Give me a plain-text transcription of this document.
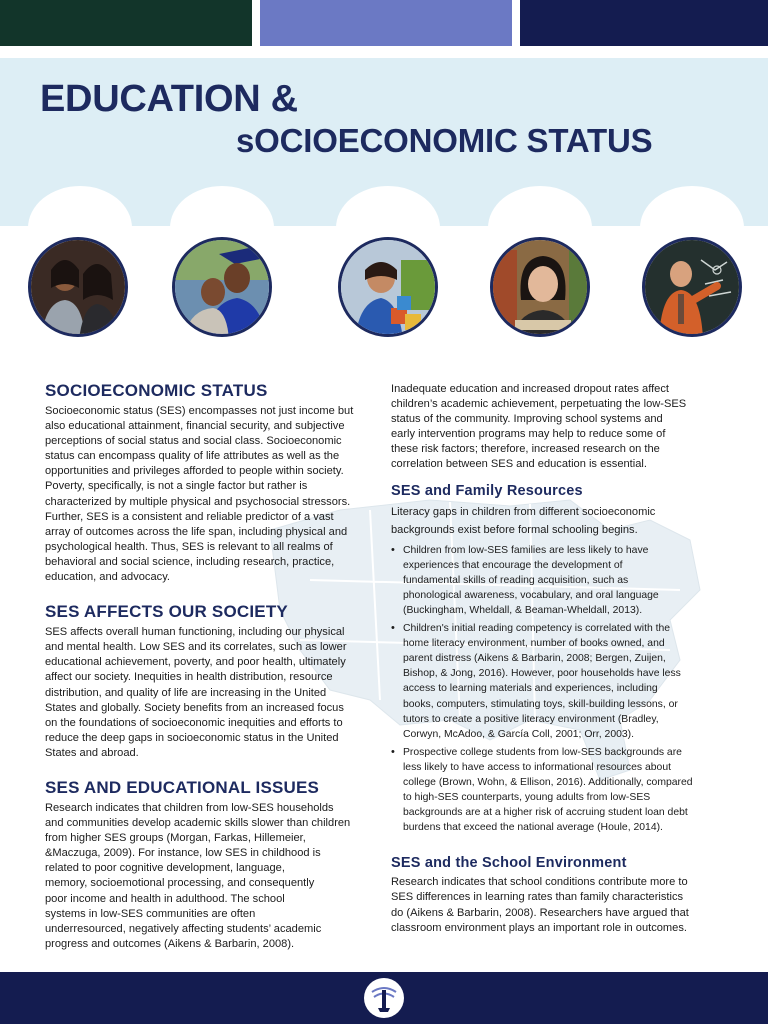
EDUCATION &
sOCIOECONOMIC STATUS
SOCIOECONOMIC STATUS

Socioeconomic status (SES) encompasses not just income but
also educational attainment, financial security, and subjective
perceptions of social status and social class. Socioeconomic
status can encompass quality of life attributes as well as the
opportunities and privileges afforded to people within society.
Poverty, specifically, is not a single factor but rather is
characterized by multiple physical and psychosocial stressors.
Further, SES is a consistent and reliable predictor of a vast
array of outcomes across the life span, including physical and
psychological health. Thus, SES is relevant to all realms of
behavioral and social science, including research, practice,
education, and advocacy.

SES AFFECTS OUR SOCIETY

SES affects overall human functioning, including our physical
and mental health. Low SES and its correlates, such as lower
educational achievement, poverty, and poor health, ultimately
affect our society. Inequities in health distribution, resource
distribution, and quality of life are increasing in the United
States and globally. Society benefits from an increased focus
on the foundations of socioeconomic inequities and efforts to
reduce the deep gaps in socioeconomic status in the United
States and abroad.

SES AND EDUCATIONAL ISSUES

Research indicates that children from low-SES households
and communities develop academic skills slower than children
from higher SES groups (Morgan, Farkas, Hillemeier,
&Maczuga, 2009). For instance, low SES in childhood is
related to poor cognitive development, language,
memory, socioemotional processing, and consequently
poor income and health in adulthood. The school
systems in low-SES communities are often
underresourced, negatively affecting students’ academic
progress and outcomes (Aikens & Barbarin, 2008).

Inadequate education and increased dropout rates affect
children’s academic achievement, perpetuating the low-SES
status of the community. Improving school systems and
early intervention programs may help to reduce some of
these risk factors; therefore, increased research on the
correlation between SES and education is essential.

SES and Family Resources

Literacy gaps in children from different socioeconomic
backgrounds exist before formal schooling begins.

• Children from low-SES families are less likely to have
experiences that encourage the development of
fundamental skills of reading acquisition, such as
phonological awareness, vocabulary, and oral language
(Buckingham, Wheldall, & Beaman-Wheldall, 2013).
• Children's initial reading competency is correlated with the
home literacy environment, number of books owned, and
parent distress (Aikens & Barbarin, 2008; Bergen, Zuijen,
Bishop, & Jong, 2016). However, poor households have less
access to learning materials and experiences, including
books, computers, stimulating toys, skill-building lessons, or
tutors to create a positive literacy environment (Bradley,
Corwyn, McAdoo, & García Coll, 2001; Orr, 2003).
• Prospective college students from low-SES backgrounds are
less likely to have access to informational resources about
college (Brown, Wohn, & Ellison, 2016). Additionally, compared
to high-SES counterparts, young adults from low-SES
backgrounds are at a higher risk of accruing student loan debt
burdens that exceed the national average (Houle, 2014).
SES and the School Environment

Research indicates that school conditions contribute more to
SES differences in learning rates than family characteristics
do (Aikens & Barbarin, 2008). Researchers have argued that
classroom environment plays an important role in outcomes.
